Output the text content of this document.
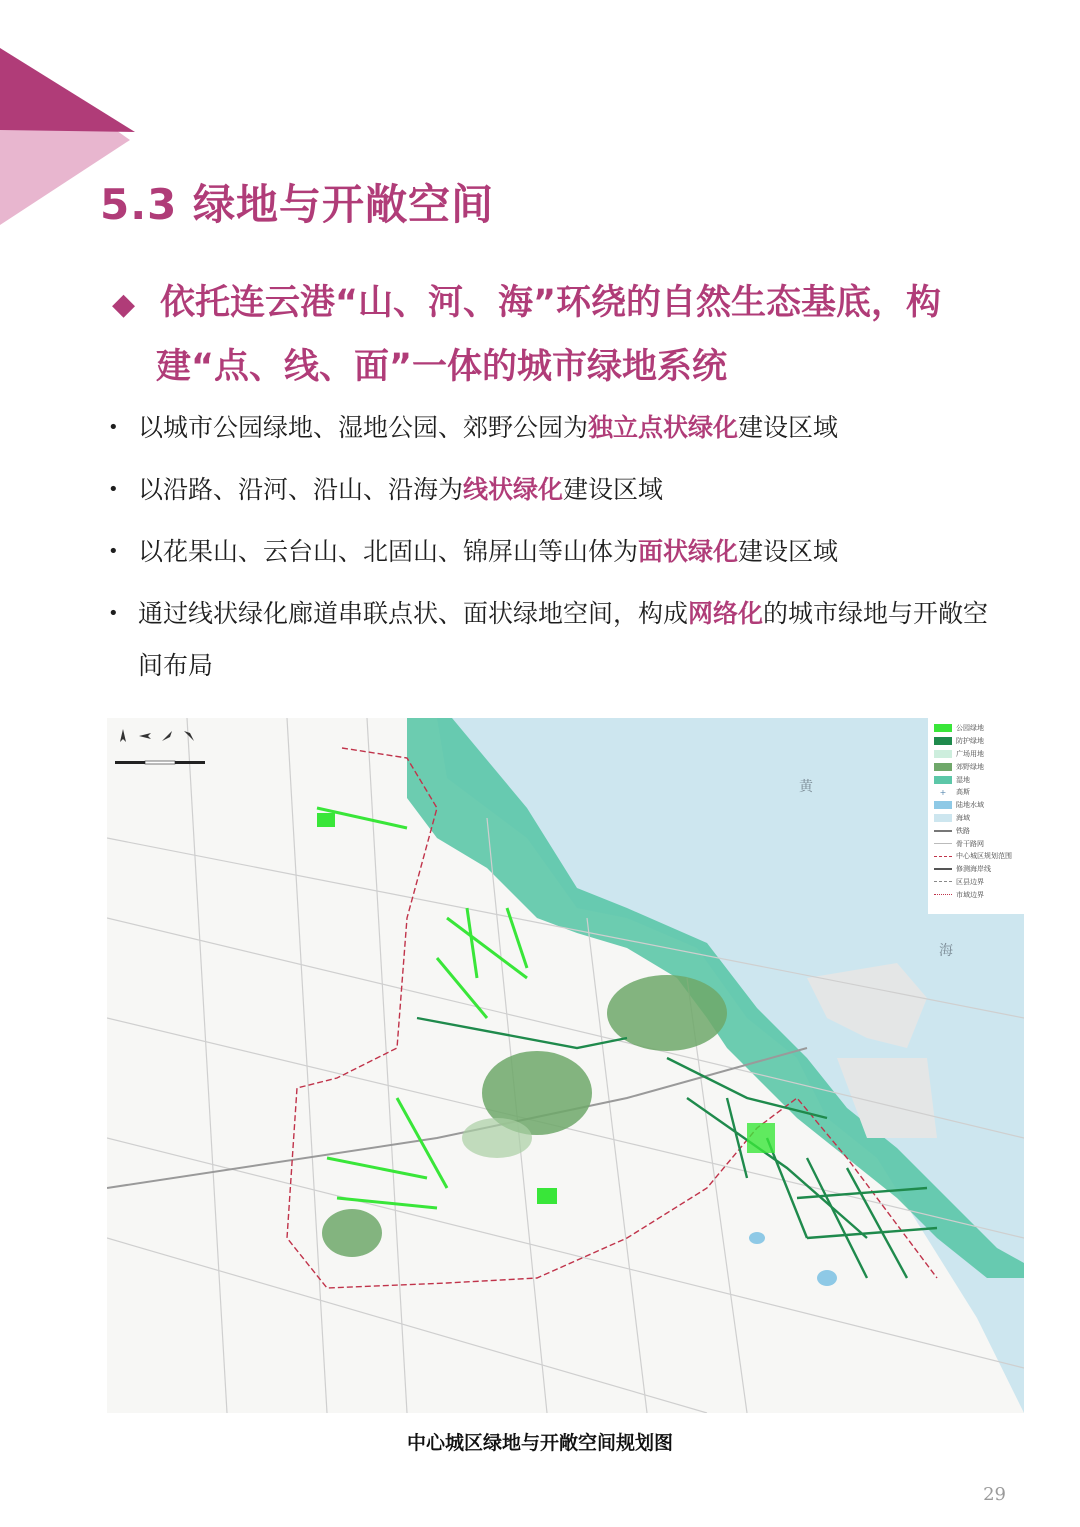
5.3 绿地与开敞空间
◆ 依托连云港“山、河、海”环绕的自然生态基底，构
建“点、线、面”一体的城市绿地系统
• 以城市公园绿地、湿地公园、郊野公园为独立点状绿化建设区域
• 以沿路、沿河、沿山、沿海为线状绿化建设区域
• 以花果山、云台山、北固山、锦屏山等山体为面状绿化建设区域
• 通过线状绿化廊道串联点状、面状绿地空间，构成网络化的城市绿地与开敞空间布局
黄
海
公园绿地
防护绿地
广场用地
郊野绿地
湿地
+	高斯
陆地水域
海域
铁路
骨干路网
中心城区规划范围
修测海岸线
区县边界
市域边界
中心城区绿地与开敞空间规划图
29
